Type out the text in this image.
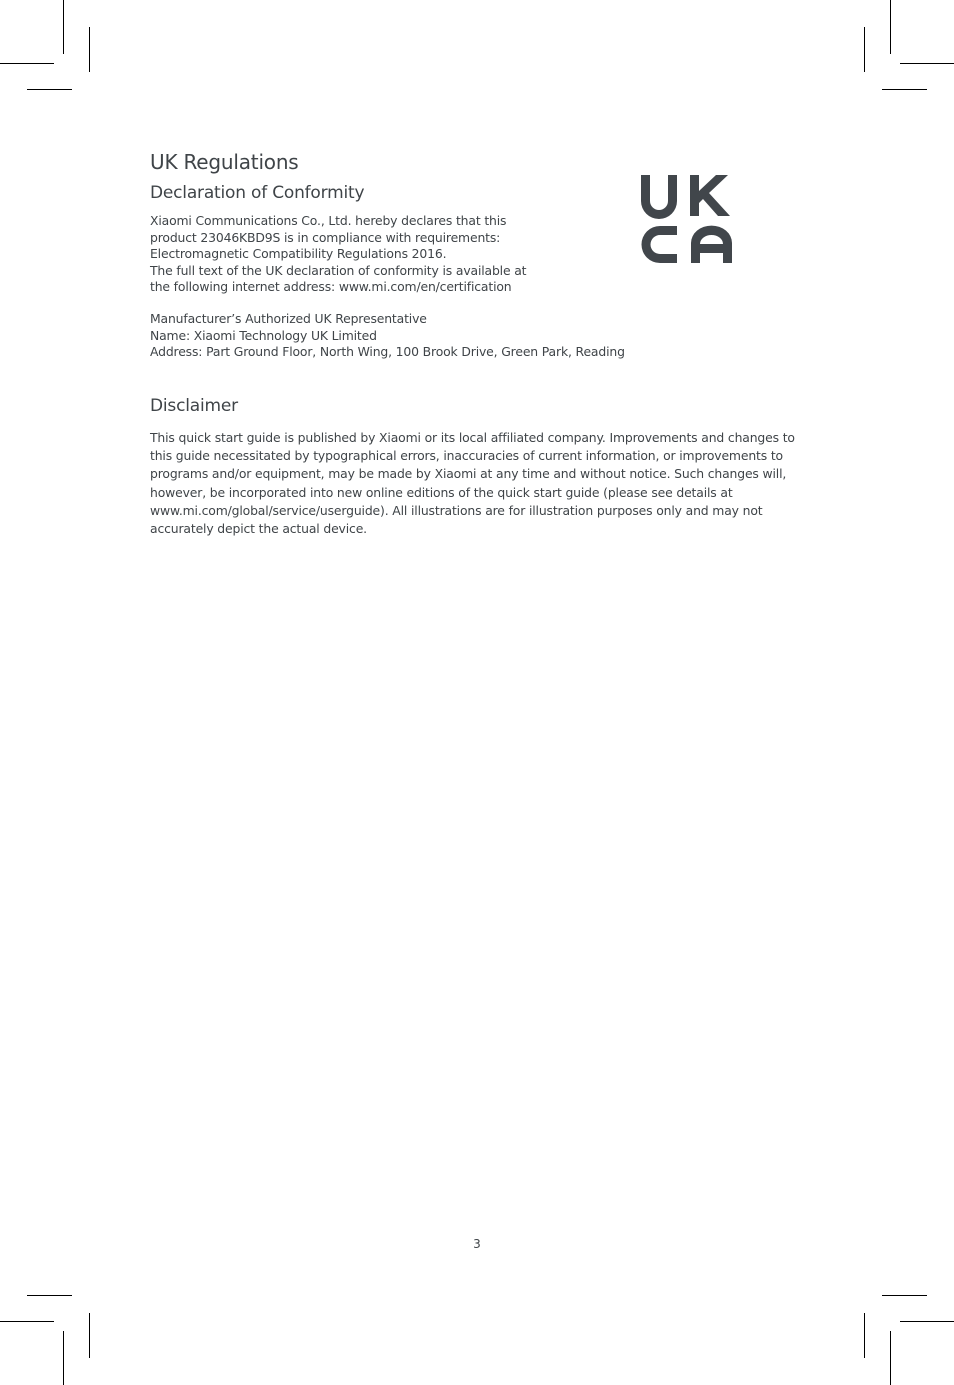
UK Regulations
Declaration of Conformity

Xiaomi Communications Co., Ltd. hereby declares that this
product 23046KBD9S is in compliance with requirements:
Electromagnetic Compatibility Regulations 2016.
The full text of the UK declaration of conformity is available at
the following internet address: www.mi.com/en/certification

Manufacturer’s Authorized UK Representative
Name: Xiaomi Technology UK Limited
Address: Part Ground Floor, North Wing, 100 Brook Drive, Green Park, Reading

Disclaimer

This quick start guide is published by Xiaomi or its local affiliated company. Improvements and changes to
this guide necessitated by typographical errors, inaccuracies of current information, or improvements to
programs and/or equipment, may be made by Xiaomi at any time and without notice. Such changes will,
however, be incorporated into new online editions of the quick start guide (please see details at
www.mi.com/global/service/userguide). All illustrations are for illustration purposes only and may not
accurately depict the actual device.

3
